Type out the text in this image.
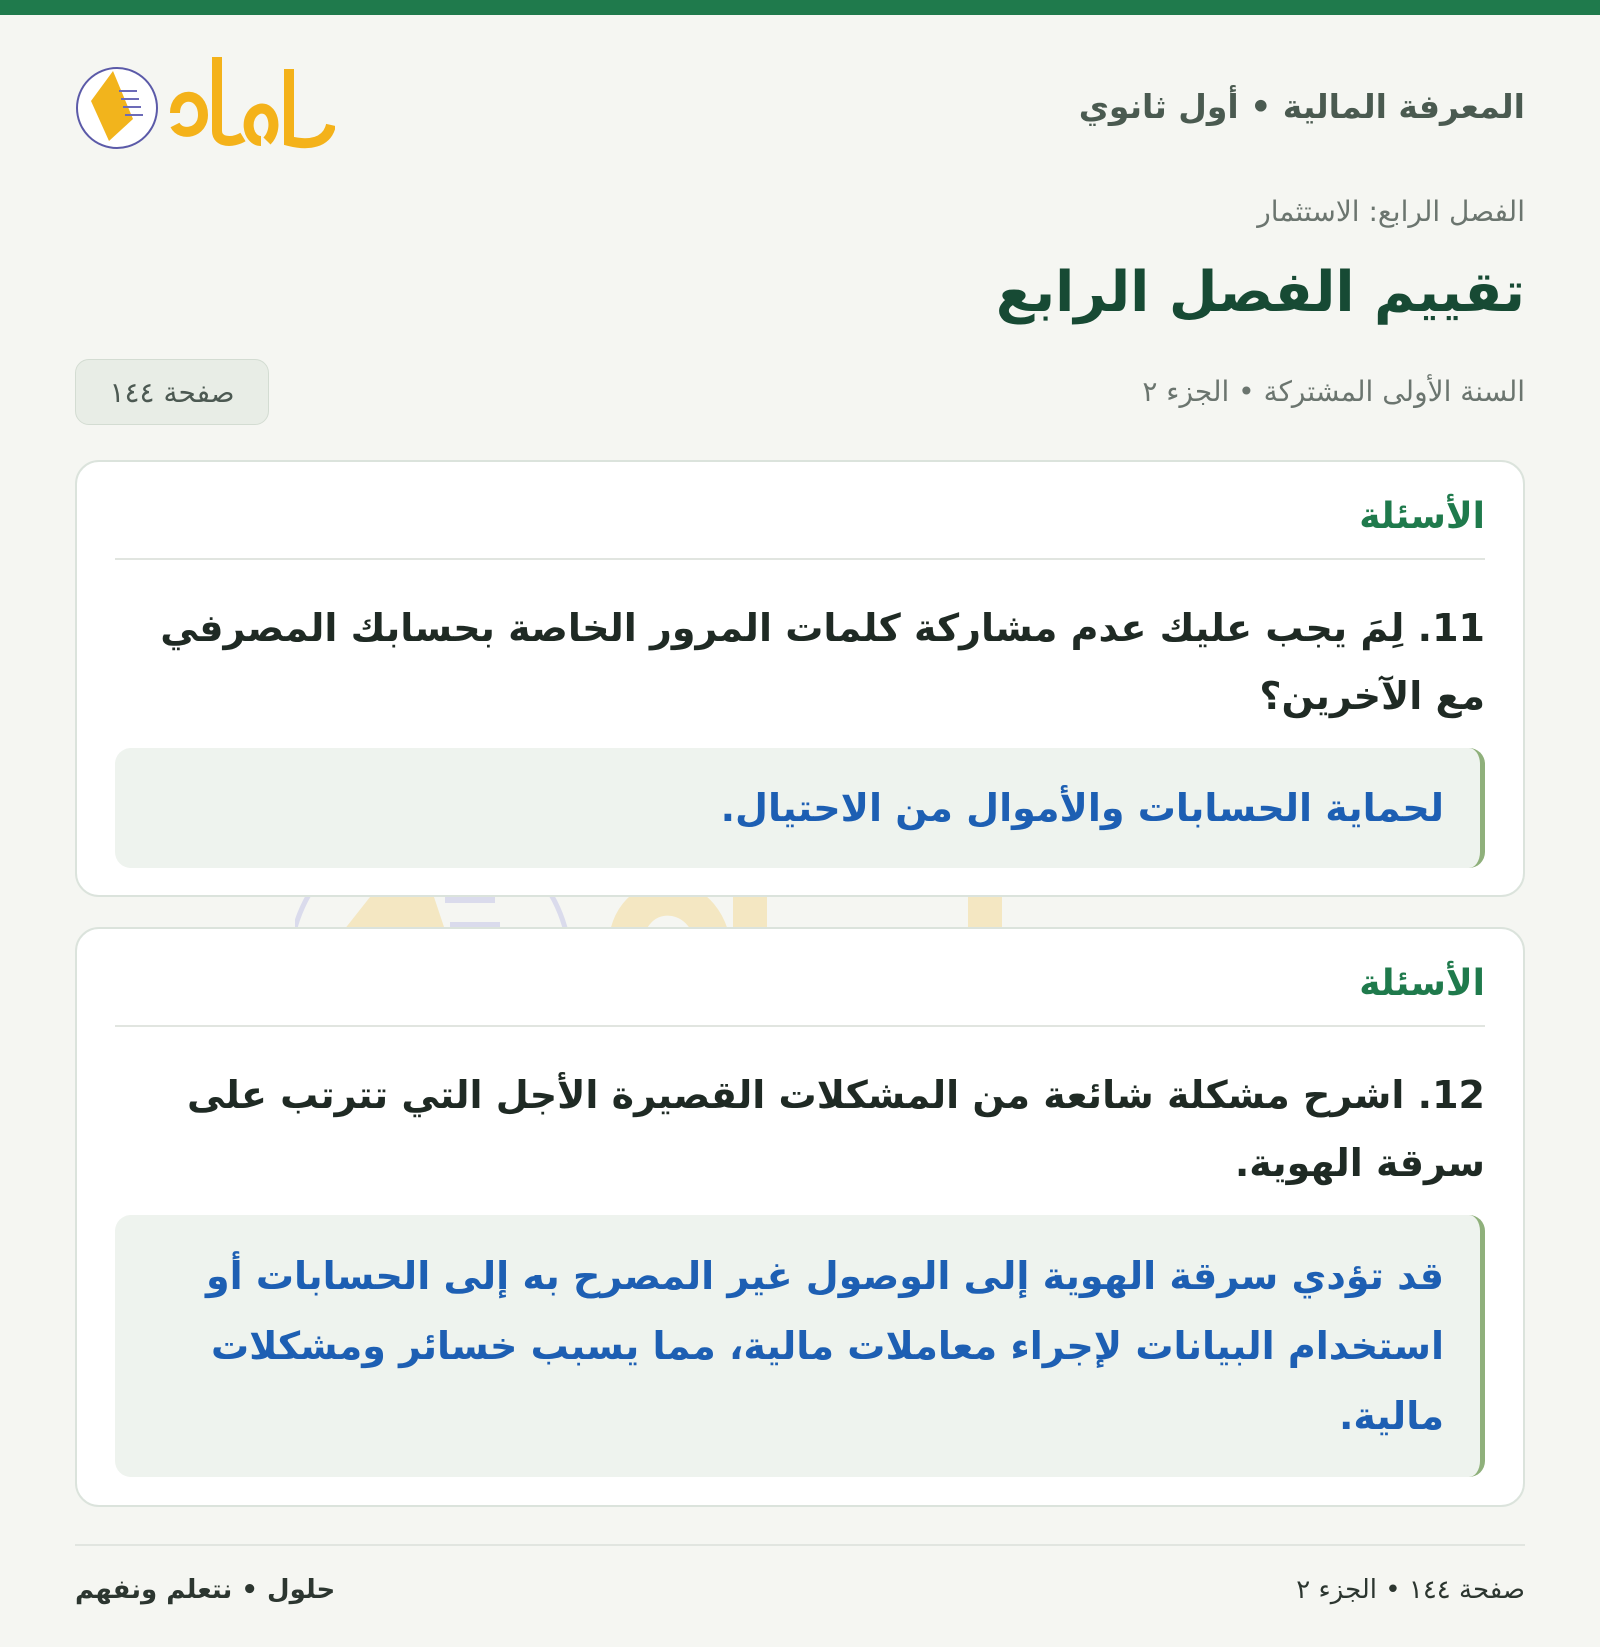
المعرفة المالية • أول ثانوي
الفصل الرابع: الاستثمار
تقييم الفصل الرابع
السنة الأولى المشتركة • الجزء ٢
صفحة ١٤٤
الأسئلة

11. لِمَ يجب عليك عدم مشاركة كلمات المرور الخاصة بحسابك المصرفي مع الآخرين؟

لحماية الحسابات والأموال من الاحتيال.
الأسئلة

12. اشرح مشكلة شائعة من المشكلات القصيرة الأجل التي تترتب على سرقة الهوية.

قد تؤدي سرقة الهوية إلى الوصول غير المصرح به إلى الحسابات أو استخدام البيانات لإجراء معاملات مالية، مما يسبب خسائر ومشكلات مالية.
صفحة ١٤٤ • الجزء ٢
حلول • نتعلم ونفهم
